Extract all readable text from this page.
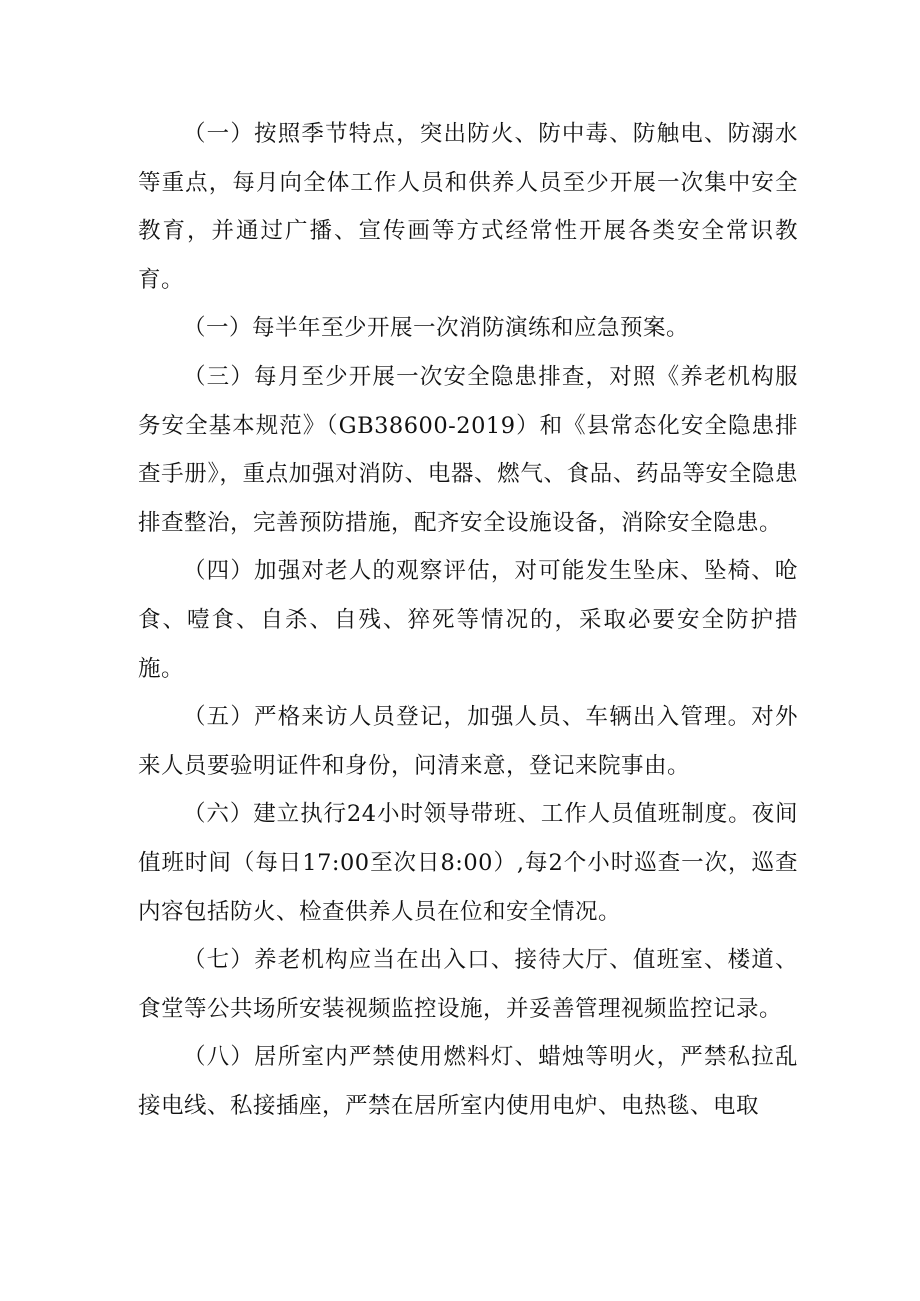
（一）按照季节特点，突出防火、防中毒、防触电、防溺水等重点，每月向全体工作人员和供养人员至少开展一次集中安全教育，并通过广播、宣传画等方式经常性开展各类安全常识教育。

（一）每半年至少开展一次消防演练和应急预案。

（三）每月至少开展一次安全隐患排查，对照《养老机构服务安全基本规范》（GB38600-2019）和《县常态化安全隐患排查手册》，重点加强对消防、电器、燃气、食品、药品等安全隐患排查整治，完善预防措施，配齐安全设施设备，消除安全隐患。

（四）加强对老人的观察评估，对可能发生坠床、坠椅、呛食、噎食、自杀、自残、猝死等情况的，采取必要安全防护措施。

（五）严格来访人员登记，加强人员、车辆出入管理。对外来人员要验明证件和身份，问清来意，登记来院事由。

（六）建立执行24小时领导带班、工作人员值班制度。夜间值班时间（每日17:00至次日8:00）,每2个小时巡查一次，巡查内容包括防火、检查供养人员在位和安全情况。

（七）养老机构应当在出入口、接待大厅、值班室、楼道、食堂等公共场所安装视频监控设施，并妥善管理视频监控记录。

（八）居所室内严禁使用燃料灯、蜡烛等明火，严禁私拉乱接电线、私接插座，严禁在居所室内使用电炉、电热毯、电取
